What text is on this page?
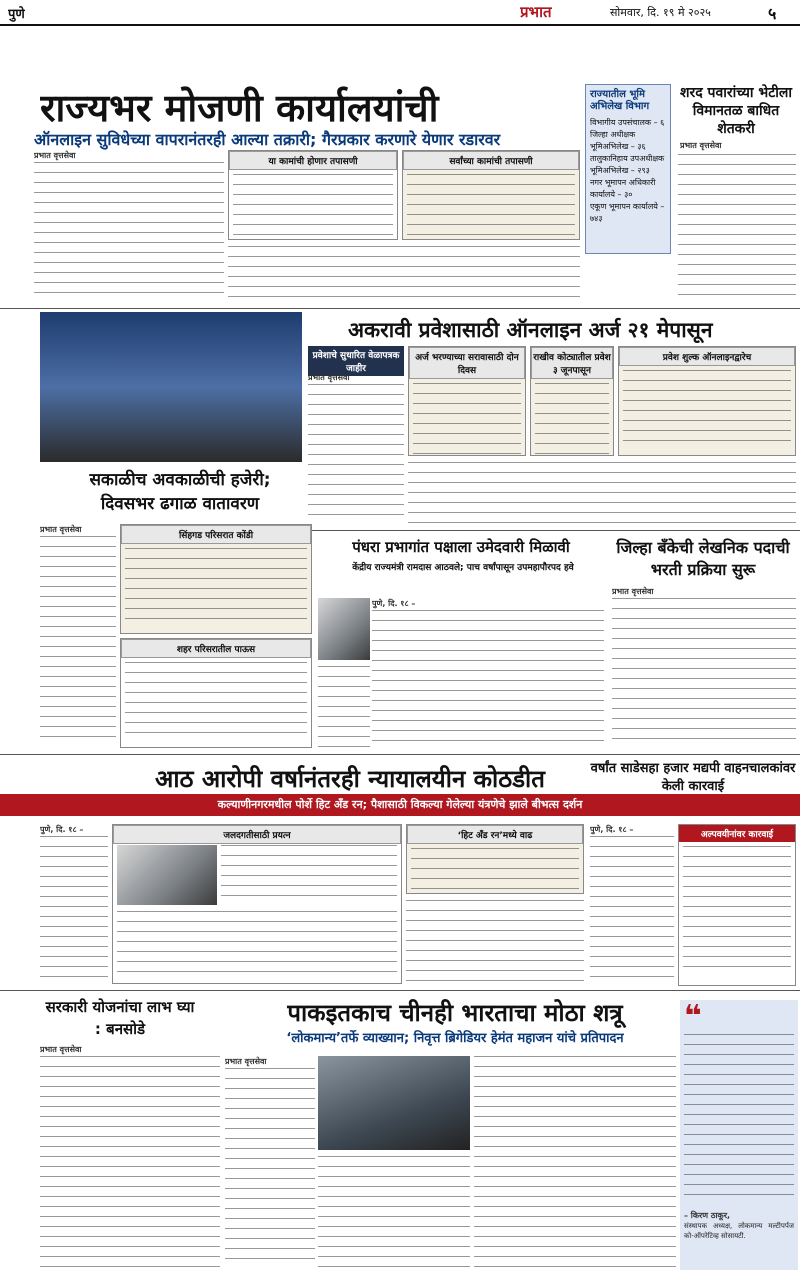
पुणे	प्रभात	सोमवार, दि. १९ मे २०२५	५
राज्यभर मोजणी कार्यालयांची
ऑनलाइन सुविधेच्या वापरानंतरही आल्या तक्रारी; गैरप्रकार करणारे येणार रडारवर
प्रभात वृत्तसेवा
या कामांची होणार तपासणी	सर्वांच्या कामांची तपासणी
राज्यातील भूमि अभिलेख विभाग
विभागीय उपसंचालक – ६
जिल्हा अधीक्षक भूमिअभिलेख – ३६
तालुकानिहाय उपअधीक्षक भूमिअभिलेख – २९३
नगर भूमापन अधिकारी कार्यालये – ३०
एकूण भूमापन कार्यालये – ७४३
शरद पवारांच्या भेटीला विमानतळ बाधित शेतकरी
प्रभात वृत्तसेवा
अकरावी प्रवेशासाठी ऑनलाइन अर्ज २१ मेपासून
प्रवेशाचे सुधारित वेळापत्रक जाहीर
प्रभात वृत्तसेवा
अर्ज भरण्याच्या सरावासाठी दोन दिवस
राखीव कोट्यातील प्रवेश ३ जूनपासून
प्रवेश शुल्क ऑनलाइनद्वारेच
सकाळीच अवकाळीची हजेरी; दिवसभर ढगाळ वातावरण
प्रभात वृत्तसेवा
सिंहगड परिसरात कोंडी
शहर परिसरातील पाऊस
पंधरा प्रभागांत पक्षाला उमेदवारी मिळावी
केंद्रीय राज्यमंत्री रामदास आठवले; पाच वर्षांपासून उपमहापौरपद हवे
पुणे, दि. १८ –
जिल्हा बँकेची लेखनिक पदाची भरती प्रक्रिया सुरू
प्रभात वृत्तसेवा
आठ आरोपी वर्षानंतरही न्यायालयीन कोठडीत
कल्याणीनगरमधील पोर्शे हिट अँड रन; पैशासाठी विकल्या गेलेल्या यंत्रणेचे झाले बीभत्स दर्शन
वर्षांत साडेसहा हजार मद्यपी वाहनचालकांवर केली कारवाई
पुणे, दि. १८ –
जलदगतीसाठी प्रयत्न	‘हिट अँड रन’मध्ये वाढ
पुणे, दि. १८ –
अल्पवयीनांवर कारवाई
सरकारी योजनांचा लाभ घ्या : बनसोडे
प्रभात वृत्तसेवा
पाकइतकाच चीनही भारताचा मोठा शत्रू
‘लोकमान्य’तर्फे व्याख्यान; निवृत्त ब्रिगेडियर हेमंत महाजन यांचे प्रतिपादन
प्रभात वृत्तसेवा
❝
– किरण ठाकूर,
संस्थापक अध्यक्ष, लोकमान्य मल्टीपर्पज को-ऑपरेटिव्ह सोसायटी.
